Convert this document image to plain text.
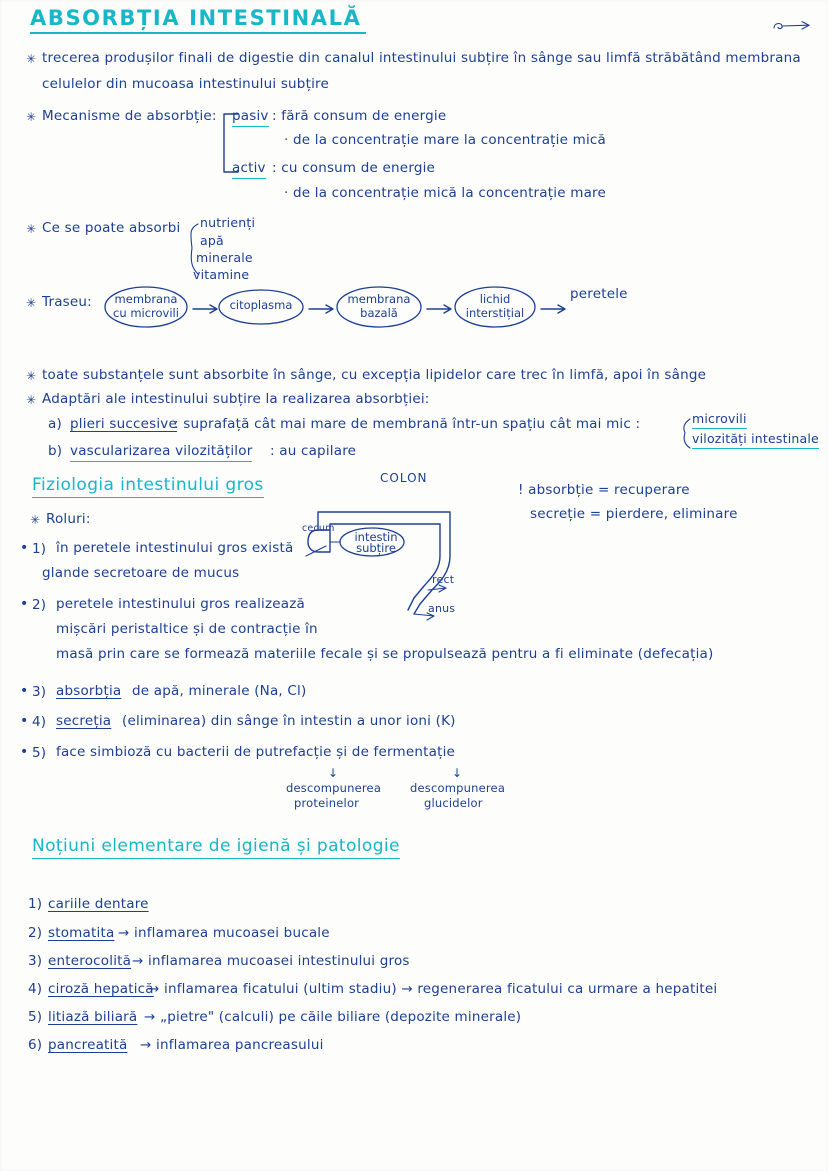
ABSORBȚIA INTESTINALĂ
✳ trecerea produșilor finali de digestie din canalul intestinului subțire în sânge sau limfă străbătând membrana
celulelor din mucoasa intestinului subțire
✳ Mecanisme de absorbție: pasiv : fără consum de energie
· de la concentrație mare la concentrație mică
activ : cu consum de energie
· de la concentrație mică la concentrație mare
✳ Ce se poate absorbi nutrienți
apă
minerale
vitamine
✳ Traseu:	membrana cu microvili
citoplasma	membrana bazală
lichid interstițial
peretele
✳ toate substanțele sunt absorbite în sânge, cu excepția lipidelor care trec în limfă, apoi în sânge
✳ Adaptări ale intestinului subțire la realizarea absorbției:
a) plieri succesive
: suprafață cât mai mare de membrană într-un spațiu cât mai mic :	microvili
vilozități intestinale
b) vascularizarea vilozităților : au capilare
Fiziologia intestinului gros	COLON
cecum
intestin subțire
rect
anus
! absorbție = recuperare
secreție = pierdere, eliminare
✳ Roluri:
• 1) în peretele intestinului gros există
glande secretoare de mucus
• 2) peretele intestinului gros realizează
mișcări peristaltice și de contracție în
masă prin care se formează materiile fecale și se propulsează pentru a fi eliminate (defecația)
• 3) absorbția de apă, minerale (Na, Cl)
• 4) secreția (eliminarea) din sânge în intestin a unor ioni (K)
• 5) face simbioză cu bacterii de putrefacție și de fermentație
↓
descompunerea
proteinelor
↓
descompunerea
glucidelor
Noțiuni elementare de igienă și patologie
1) cariile dentare
2) stomatita → inflamarea mucoasei bucale
3) enterocolită → inflamarea mucoasei intestinului gros
4) ciroză hepatică
→ inflamarea ficatului (ultim stadiu) → regenerarea ficatului ca urmare a hepatitei
5) litiază biliară → „pietre" (calculi) pe căile biliare (depozite minerale)
6) pancreatită → inflamarea pancreasului
